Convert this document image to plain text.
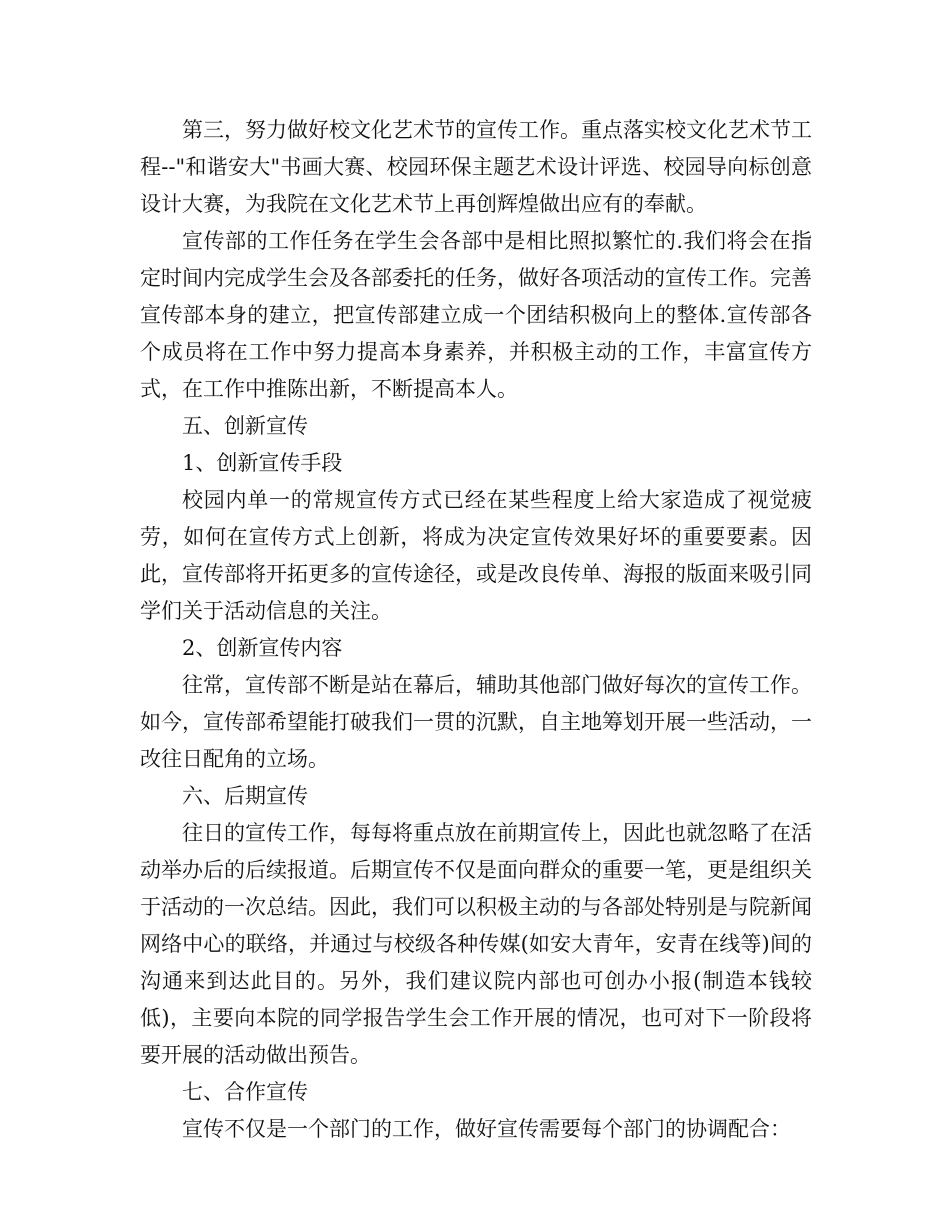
第三，努力做好校文化艺术节的宣传工作。重点落实校文化艺术节工程--"和谐安大"书画大赛、校园环保主题艺术设计评选、校园导向标创意设计大赛，为我院在文化艺术节上再创辉煌做出应有的奉献。

宣传部的工作任务在学生会各部中是相比照拟繁忙的.我们将会在指定时间内完成学生会及各部委托的任务，做好各项活动的宣传工作。完善宣传部本身的建立，把宣传部建立成一个团结积极向上的整体.宣传部各个成员将在工作中努力提高本身素养，并积极主动的工作，丰富宣传方式，在工作中推陈出新，不断提高本人。

五、创新宣传

1、创新宣传手段

校园内单一的常规宣传方式已经在某些程度上给大家造成了视觉疲劳，如何在宣传方式上创新，将成为决定宣传效果好坏的重要要素。因此，宣传部将开拓更多的宣传途径，或是改良传单、海报的版面来吸引同学们关于活动信息的关注。

2、创新宣传内容

往常，宣传部不断是站在幕后，辅助其他部门做好每次的宣传工作。如今，宣传部希望能打破我们一贯的沉默，自主地筹划开展一些活动，一改往日配角的立场。

六、后期宣传

往日的宣传工作，每每将重点放在前期宣传上，因此也就忽略了在活动举办后的后续报道。后期宣传不仅是面向群众的重要一笔，更是组织关于活动的一次总结。因此，我们可以积极主动的与各部处特别是与院新闻网络中心的联络，并通过与校级各种传媒(如安大青年，安青在线等)间的沟通来到达此目的。另外，我们建议院内部也可创办小报(制造本钱较低)，主要向本院的同学报告学生会工作开展的情况，也可对下一阶段将要开展的活动做出预告。

七、合作宣传

宣传不仅是一个部门的工作，做好宣传需要每个部门的协调配合：
